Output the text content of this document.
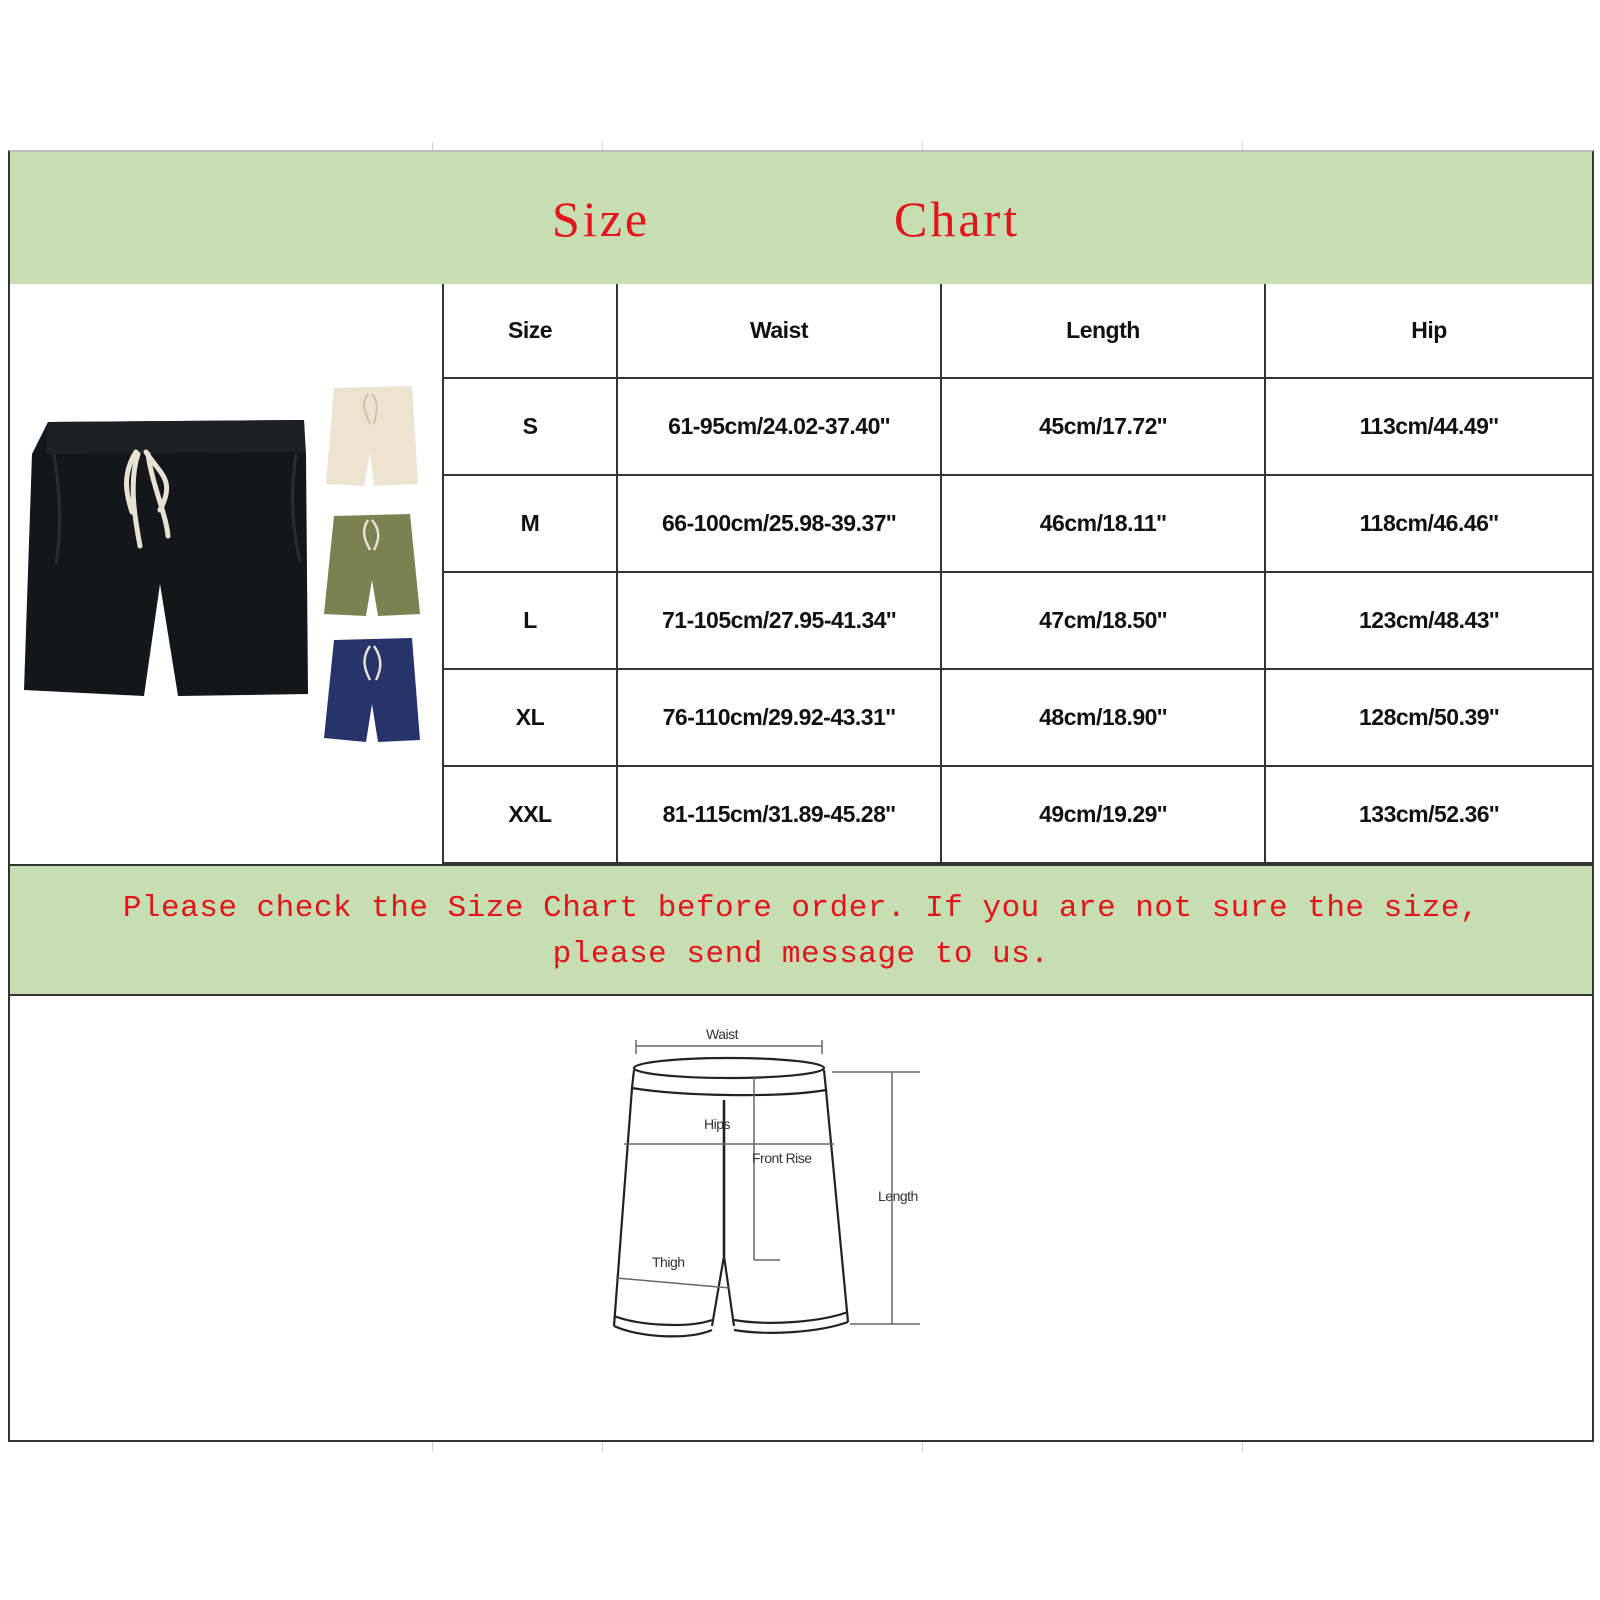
Size	Chart
Size	Waist	Length	Hip
S	61-95cm/24.02-37.40''	45cm/17.72''	113cm/44.49''
M	66-100cm/25.98-39.37''	46cm/18.11''	118cm/46.46''
L	71-105cm/27.95-41.34''	47cm/18.50''	123cm/48.43''
XL	76-110cm/29.92-43.31''	48cm/18.90''	128cm/50.39''
XXL	81-115cm/31.89-45.28''	49cm/19.29''	133cm/52.36''
Please check the Size Chart before order. If you are not sure the size,
please send message to us.
Waist
Hips
Front Rise
Length
Thigh
